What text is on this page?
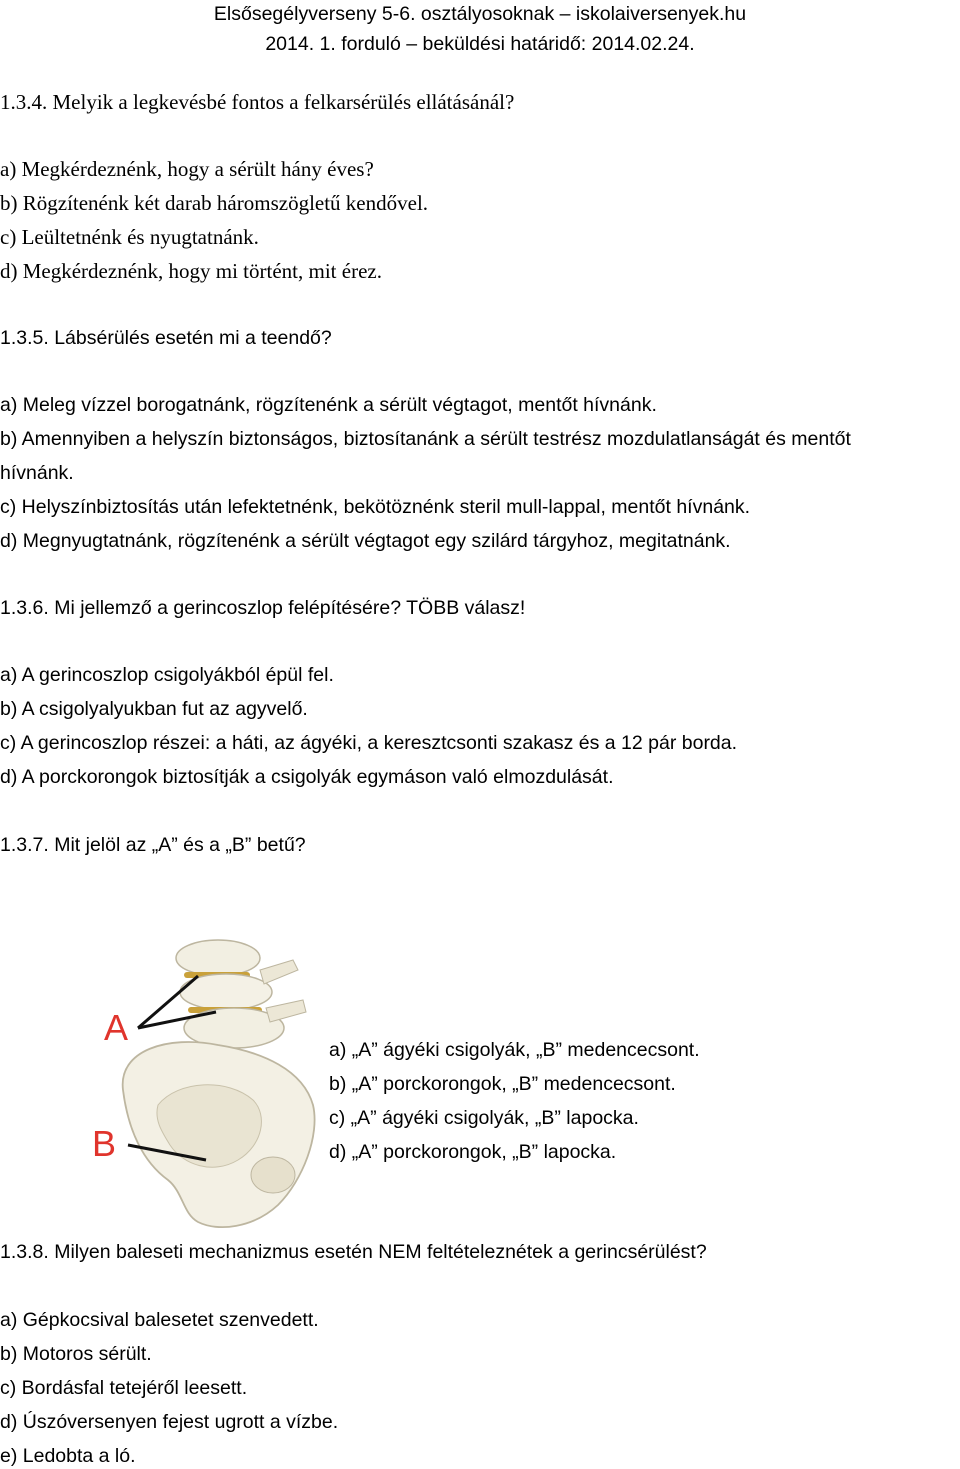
Elsősegélyverseny 5-6. osztályosoknak – iskolaiversenyek.hu
2014. 1. forduló – beküldési határidő: 2014.02.24.
1.3.4. Melyik a legkevésbé fontos a felkarsérülés ellátásánál?
a) Megkérdeznénk, hogy a sérült hány éves?
b) Rögzítenénk két darab háromszögletű kendővel.
c) Leültetnénk és nyugtatnánk.
d) Megkérdeznénk, hogy mi történt, mit érez.
1.3.5. Lábsérülés esetén mi a teendő?
a) Meleg vízzel borogatnánk, rögzítenénk a sérült végtagot, mentőt hívnánk.
b) Amennyiben a helyszín biztonságos, biztosítanánk a sérült testrész mozdulatlanságát és mentőt
hívnánk.
c) Helyszínbiztosítás után lefektetnénk, bekötöznénk steril mull-lappal, mentőt hívnánk.
d) Megnyugtatnánk, rögzítenénk a sérült végtagot egy szilárd tárgyhoz, megitatnánk.
1.3.6. Mi jellemző a gerincoszlop felépítésére? TÖBB válasz!
a) A gerincoszlop csigolyákból épül fel.
b) A csigolyalyukban fut az agyvelő.
c) A gerincoszlop részei: a háti, az ágyéki, a keresztcsonti szakasz és a 12 pár borda.
d) A porckorongok biztosítják a csigolyák egymáson való elmozdulását.
1.3.7. Mit jelöl az „A” és a „B” betű?
A
B
a) „A” ágyéki csigolyák, „B” medencecsont.
b) „A” porckorongok, „B” medencecsont.
c) „A” ágyéki csigolyák, „B” lapocka.
d) „A” porckorongok, „B” lapocka.
1.3.8. Milyen baleseti mechanizmus esetén NEM feltételeznétek a gerincsérülést?
a) Gépkocsival balesetet szenvedett.
b) Motoros sérült.
c) Bordásfal tetejéről leesett.
d) Úszóversenyen fejest ugrott a vízbe.
e) Ledobta a ló.
